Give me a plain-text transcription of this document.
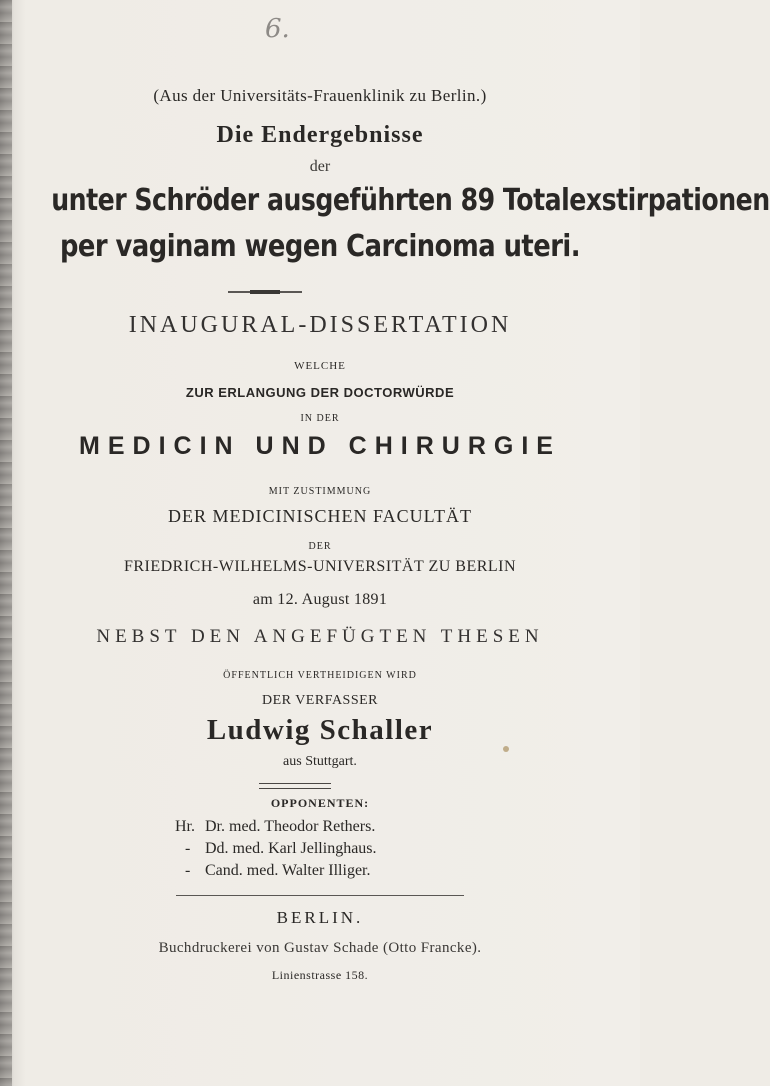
6.
(Aus der Universitäts-Frauenklinik zu Berlin.)
Die Endergebnisse
der
unter Schröder ausgeführten 89 Totalexstirpationen
per vaginam wegen Carcinoma uteri.
INAUGURAL-DISSERTATION
WELCHE
ZUR ERLANGUNG DER DOCTORWÜRDE
IN DER
MEDICIN UND CHIRURGIE
MIT ZUSTIMMUNG
DER MEDICINISCHEN FACULTÄT
DER
FRIEDRICH-WILHELMS-UNIVERSITÄT ZU BERLIN
am 12. August 1891
NEBST DEN ANGEFÜGTEN THESEN
ÖFFENTLICH VERTHEIDIGEN WIRD
DER VERFASSER
Ludwig Schaller
aus Stuttgart.
OPPONENTEN:
Hr. Dr. med. Theodor Rethers.
- Dd. med. Karl Jellinghaus.
- Cand. med. Walter Illiger.
BERLIN.
Buchdruckerei von Gustav Schade (Otto Francke).
Linienstrasse 158.
